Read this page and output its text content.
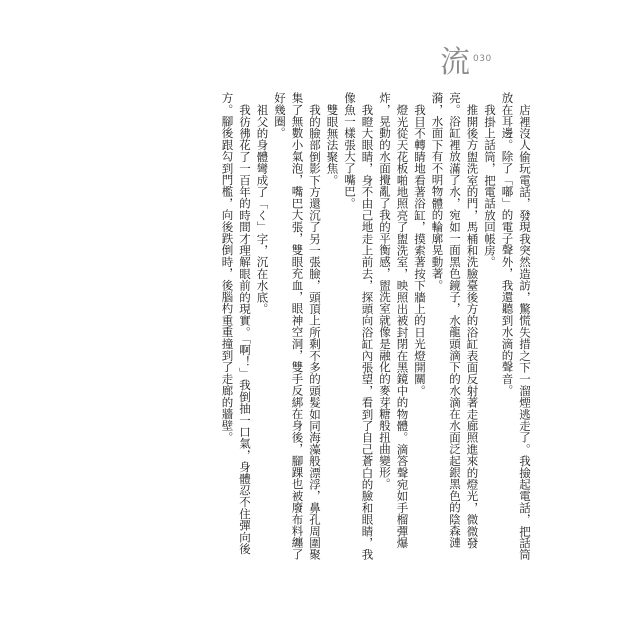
流 030

店裡沒人偷玩電話，發現我突然造訪，驚慌失措之下一溜煙逃走了。我撿起電話，把話筒放在耳邊。除了「嘟」的電子聲外，我還聽到水滴的聲音。

我掛上話筒，把電話放回帳房。

推開後方盥洗室的門，馬桶和洗臉臺後方的浴缸表面反射著走廊照進來的燈光，微微發亮。浴缸裡放滿了水，宛如一面黑色鏡子，水龍頭滴下的水滴在水面泛起銀黑色的陰森漣漪，水面下有不明物體的輪廓晃動著。

我目不轉睛地看著浴缸，摸索著按下牆上的日光燈開關。

燈光從天花板啪地照亮了盥洗室，映照出被封閉在黑鏡中的物體。滴答聲宛如手榴彈爆炸，晃動的水面攪亂了我的平衡感，盥洗室就像是融化的麥芽糖般扭曲變形。

我瞪大眼睛，身不由己地走上前去，探頭向浴缸內張望，看到了自己蒼白的臉和眼睛，我像魚一樣張大了嘴巴。

雙眼無法聚焦。

我的臉部倒影下方還沉了另一張臉，頭頂上所剩不多的頭髮如同海藻般漂浮，鼻孔周圍聚集了無數小氣泡，嘴巴大張，雙眼充血，眼神空洞，雙手反綁在身後，腳踝也被廢布料纏了好幾圈。

祖父的身體彎成了「く」字，沉在水底。

我彷彿花了一百年的時間才理解眼前的現實。「啊！」我倒抽一口氣，身體忍不住彈向後方。腳後跟勾到門檻，向後跌倒時，後腦杓重重撞到了走廊的牆壁。
